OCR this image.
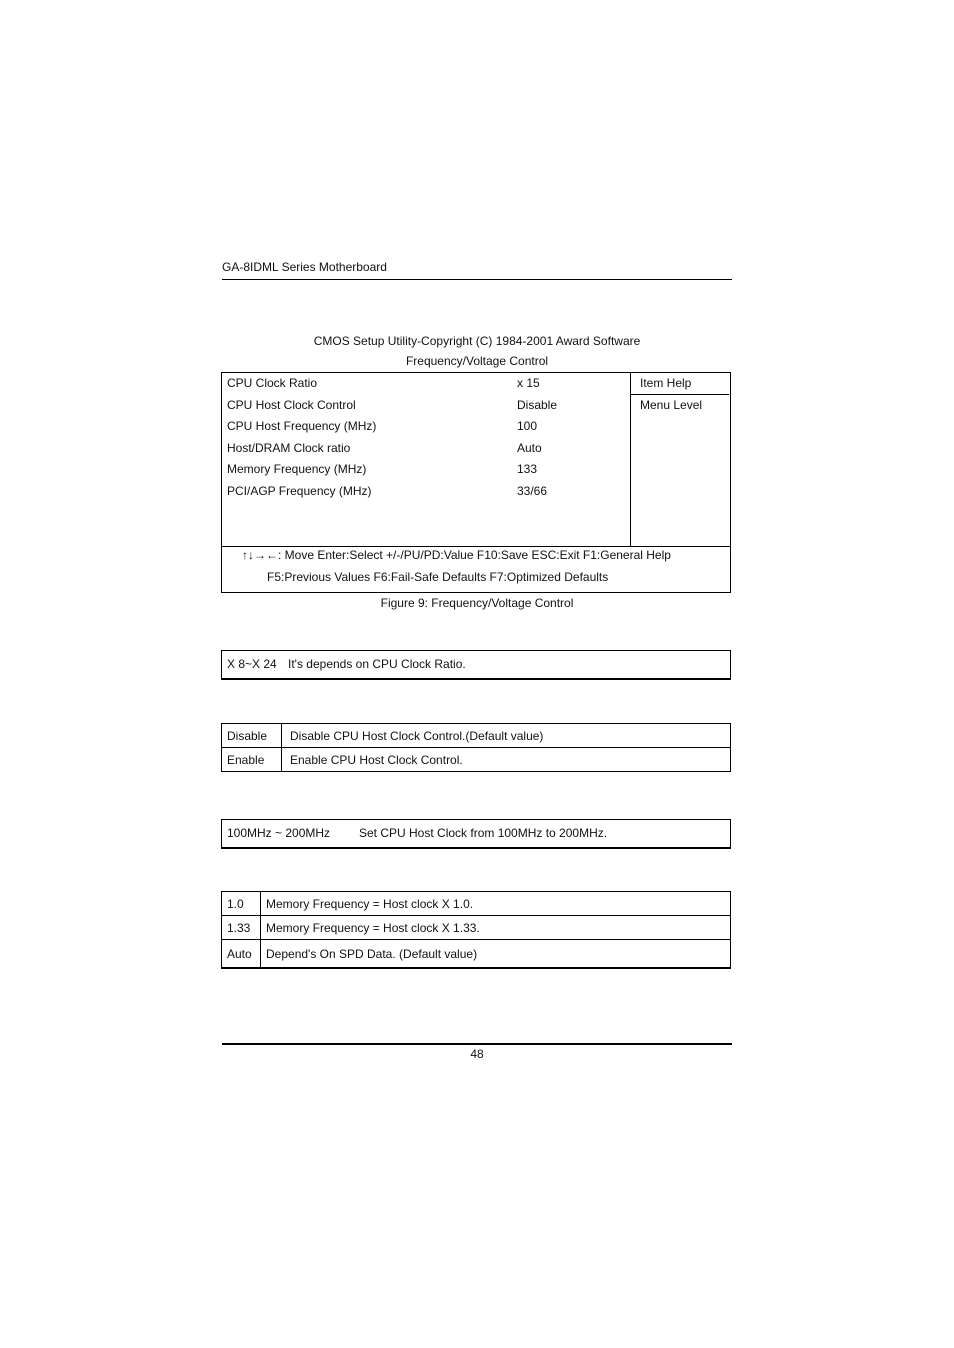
GA-8IDML Series Motherboard
CMOS Setup Utility-Copyright (C) 1984-2001 Award Software
Frequency/Voltage Control
CPU Clock Ratio	x 15
CPU Host Clock Control	Disable
CPU Host Frequency (MHz)	100
Host/DRAM Clock ratio	Auto
Memory Frequency (MHz)	133
PCI/AGP Frequency (MHz)	33/66
Item Help
Menu Level
↑↓→←: Move Enter:Select +/-/PU/PD:Value F10:Save ESC:Exit F1:General Help
F5:Previous Values F6:Fail-Safe Defaults F7:Optimized Defaults
Figure 9: Frequency/Voltage Control
X 8~X 24 It's depends on CPU Clock Ratio.
Disable	Disable CPU Host Clock Control.(Default value)
Enable	Enable CPU Host Clock Control.
100MHz ~ 200MHz Set CPU Host Clock from 100MHz to 200MHz.
1.0	Memory Frequency = Host clock X 1.0.
1.33	Memory Frequency = Host clock X 1.33.
Auto	Depend's On SPD Data. (Default value)
48
